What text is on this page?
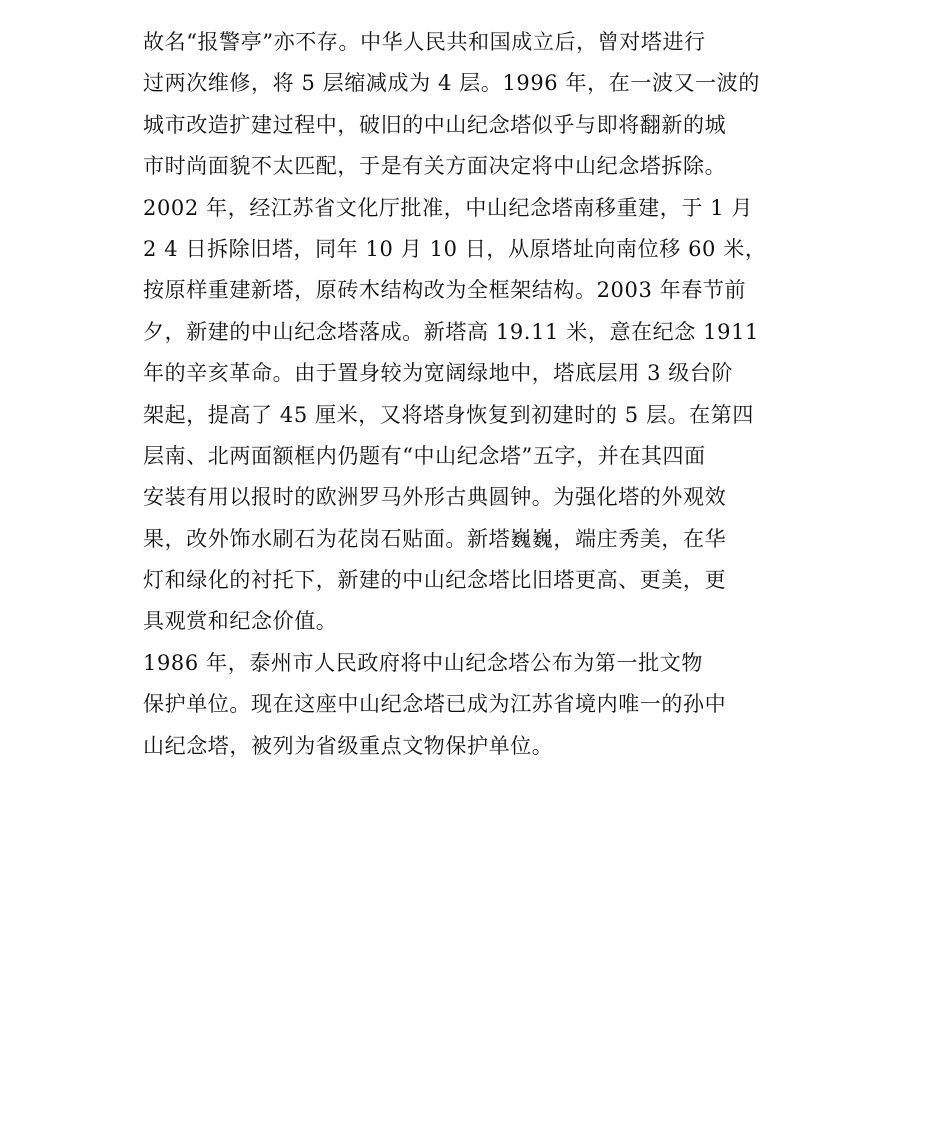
故名“报警亭”亦不存。中华人民共和国成立后，曾对塔进行
过两次维修，将 5 层缩减成为 4 层。1996 年，在一波又一波的
城市改造扩建过程中，破旧的中山纪念塔似乎与即将翻新的城
市时尚面貌不太匹配，于是有关方面决定将中山纪念塔拆除。
2002 年，经江苏省文化厅批准，中山纪念塔南移重建，于 1 月
2 4 日拆除旧塔，同年 10 月 10 日，从原塔址向南位移 60 米，
按原样重建新塔，原砖木结构改为全框架结构。2003 年春节前
夕，新建的中山纪念塔落成。新塔高 19.11 米，意在纪念 1911
年的辛亥革命。由于置身较为宽阔绿地中，塔底层用 3 级台阶
架起，提高了 45 厘米，又将塔身恢复到初建时的 5 层。在第四
层南、北两面额框内仍题有“中山纪念塔”五字，并在其四面
安装有用以报时的欧洲罗马外形古典圆钟。为强化塔的外观效
果，改外饰水刷石为花岗石贴面。新塔巍巍，端庄秀美，在华
灯和绿化的衬托下，新建的中山纪念塔比旧塔更高、更美，更
具观赏和纪念价值。
1986 年，泰州市人民政府将中山纪念塔公布为第一批文物
保护单位。现在这座中山纪念塔已成为江苏省境内唯一的孙中
山纪念塔，被列为省级重点文物保护单位。
